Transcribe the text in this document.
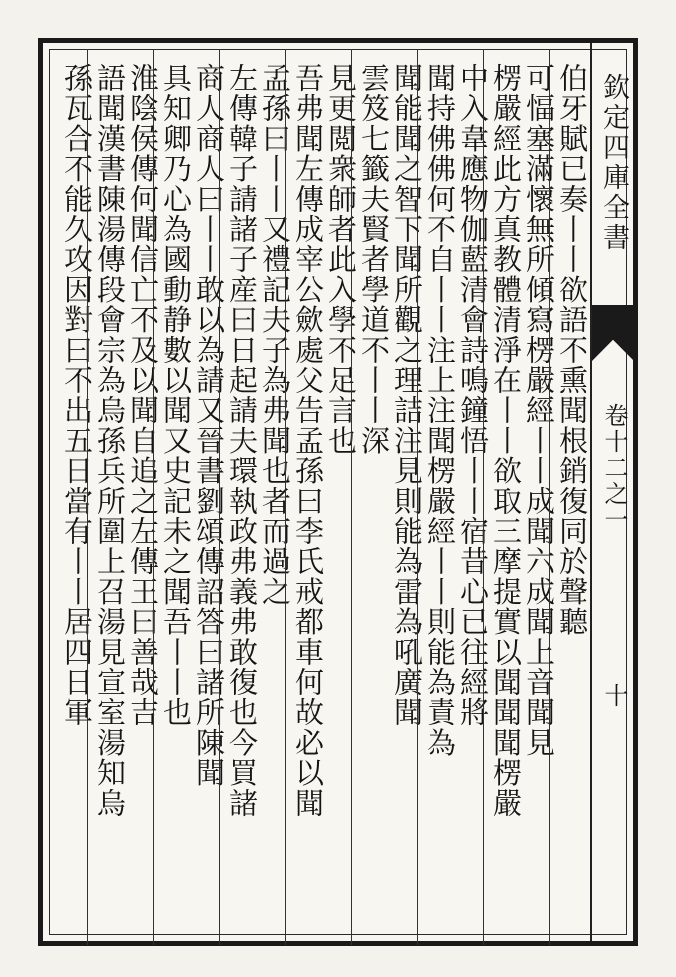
欽定四庫全書
卷十二之一
十
伯牙賦已奏丨丨欲語不熏聞根銷復同於聲聽
可愊塞滿懷無所傾寫楞嚴經丨丨成聞六成聞上音聞見
楞嚴經此方真教體清淨在丨丨欲取三摩提實以聞聞聞楞嚴
中入韋應物伽藍清會詩鳴鐘悟丨丨宿昔心已往經將
聞持佛佛何不自丨丨注上注聞楞嚴經丨丨則能為責為
聞能聞之智下聞所觀之理詰注見則能為雷為吼廣聞
雲笈七籤夫賢者學道不丨丨深
見更閲衆師者此入學不足言也
吾弗聞左傳成宰公歛處父告孟孫曰李氏戒都車何故必以聞
孟孫曰丨丨又禮記夫子為弗聞也者而過之
左傳韓子請諸子産曰日起請夫環執政弗義弗敢復也今買諸
商人商人曰丨丨敢以為請又晉書劉頌傳詔答曰諸所陳聞
具知卿乃心為國動静數以聞又史記未之聞吾丨丨也
淮陰侯傳何聞信亡不及以聞自追之左傳王曰善哉吉
語聞漢書陳湯傳段會宗為烏孫兵所圍上召湯見宣室湯知烏
孫瓦合不能久攻因對曰不出五日當有丨丨居四日軍
